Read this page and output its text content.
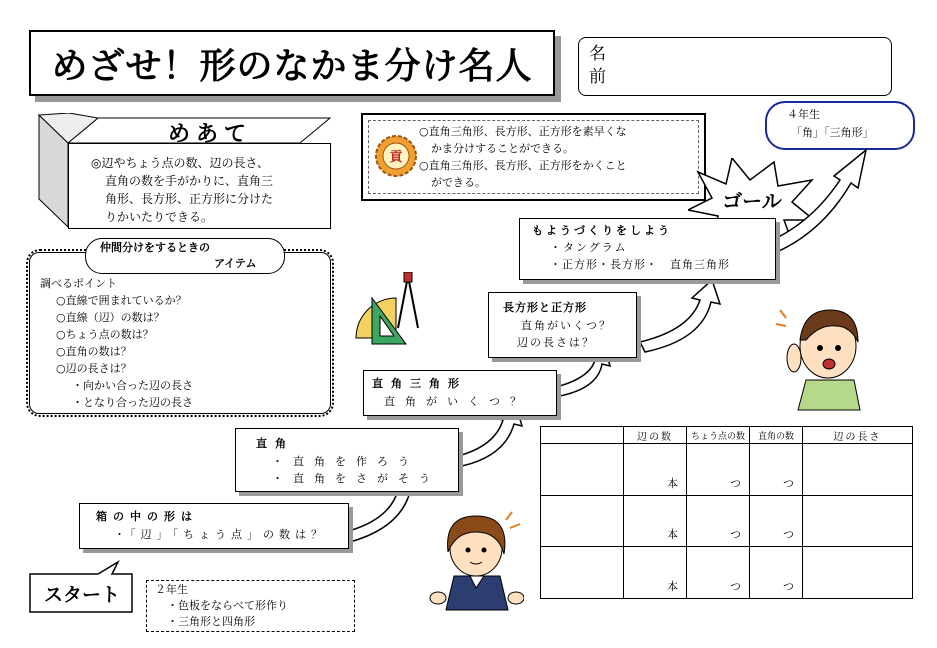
めざせ！形のなかま分け名人	名前
◎辺やちょう点の数、辺の長さ、
直角の数を手がかりに、直角三
角形、長方形、正方形に分けた
りかいたりできる。
めあて
貢
○直角三角形、長方形、正方形を素早くな
かま分けすることができる。
○直角三角形、長方形、正方形をかくこと
ができる。
ゴール
４年生
「角」「三角形」
もようづくりをしよう
・タングラム
・正方形・長方形・　直角三角形
長方形と正方形
直角がいくつ？
辺の長さは？
直角三角形
直角がいくつ？
直角
・直角を作ろう
・直角をさがそう
箱の中の形は
・「辺」「ちょう点」の数は？
スタート	２年生
・色板をならべて形作り
・三角形と四角形
調べるポイント
○直線で囲まれているか？
○直線（辺）の数は？
○ちょう点の数は？
○直角の数は？
○辺の長さは？
・向かい合った辺の長さ
・となり合った辺の長さ
仲間分けをするときの
アイテム
	辺の数	ちょう点の数	直角の数	辺の長さ
	本	つ	つ	
	本	つ	つ	
	本	つ	つ	
